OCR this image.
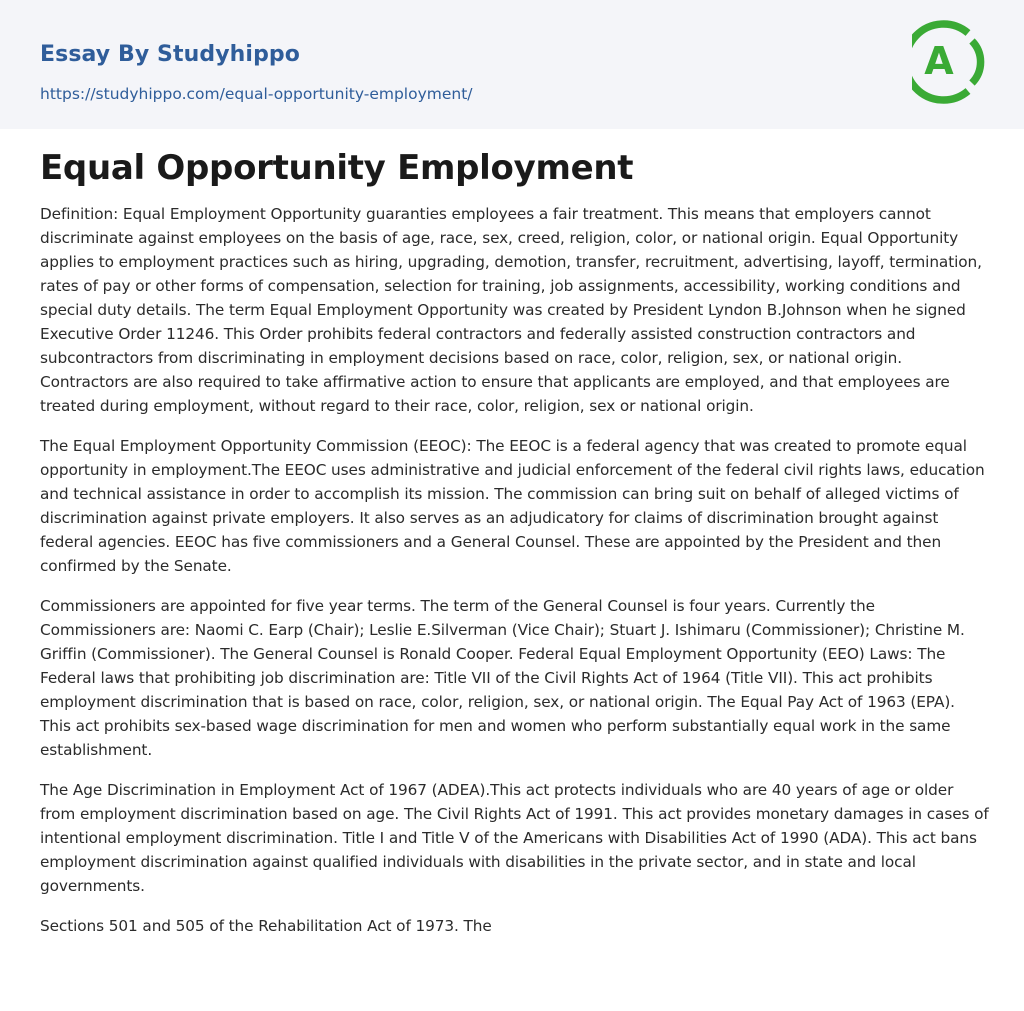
Essay By Studyhippo
https://studyhippo.com/equal-opportunity-employment/
A
Equal Opportunity Employment

Definition: Equal Employment Opportunity guaranties employees a fair treatment. This means that employers cannot discriminate against employees on the basis of age, race, sex, creed, religion, color, or national origin. Equal Opportunity applies to employment practices such as hiring, upgrading, demotion, transfer, recruitment, advertising, layoff, termination, rates of pay or other forms of compensation, selection for training, job assignments, accessibility, working conditions and special duty details. The term Equal Employment Opportunity was created by President Lyndon B.Johnson when he signed Executive Order 11246. This Order prohibits federal contractors and federally assisted construction contractors and subcontractors from discriminating in employment decisions based on race, color, religion, sex, or national origin. Contractors are also required to take affirmative action to ensure that applicants are employed, and that employees are treated during employment, without regard to their race, color, religion, sex or national origin.

The Equal Employment Opportunity Commission (EEOC): The EEOC is a federal agency that was created to promote equal opportunity in employment.The EEOC uses administrative and judicial enforcement of the federal civil rights laws, education and technical assistance in order to accomplish its mission. The commission can bring suit on behalf of alleged victims of discrimination against private employers. It also serves as an adjudicatory for claims of discrimination brought against federal agencies. EEOC has five commissioners and a General Counsel. These are appointed by the President and then confirmed by the Senate.

Commissioners are appointed for five year terms. The term of the General Counsel is four years. Currently the Commissioners are: Naomi C. Earp (Chair); Leslie E.Silverman (Vice Chair); Stuart J. Ishimaru (Commissioner); Christine M. Griffin (Commissioner). The General Counsel is Ronald Cooper. Federal Equal Employment Opportunity (EEO) Laws: The Federal laws that prohibiting job discrimination are: Title VII of the Civil Rights Act of 1964 (Title VII). This act prohibits employment discrimination that is based on race, color, religion, sex, or national origin. The Equal Pay Act of 1963 (EPA). This act prohibits sex-based wage discrimination for men and women who perform substantially equal work in the same establishment.

The Age Discrimination in Employment Act of 1967 (ADEA).This act protects individuals who are 40 years of age or older from employment discrimination based on age. The Civil Rights Act of 1991. This act provides monetary damages in cases of intentional employment discrimination. Title I and Title V of the Americans with Disabilities Act of 1990 (ADA). This act bans employment discrimination against qualified individuals with disabilities in the private sector, and in state and local governments.

Sections 501 and 505 of the Rehabilitation Act of 1973. The
